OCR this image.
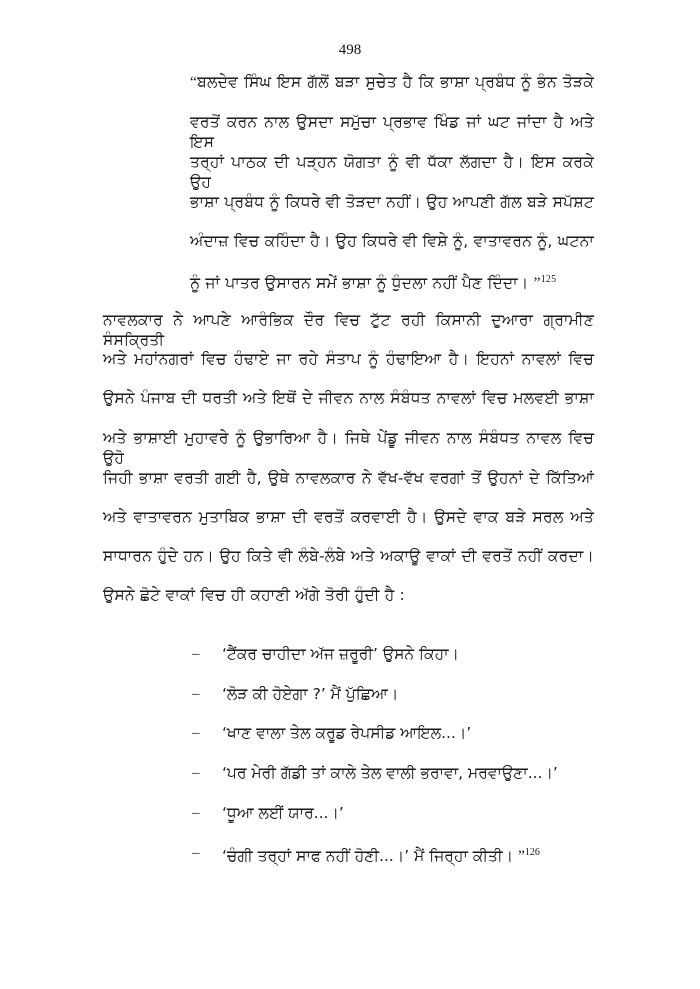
498
“ਬਲਦੇਵ ਸਿੰਘ ਇਸ ਗੱਲੋਂ ਬੜਾ ਸੁਚੇਤ ਹੈ ਕਿ ਭਾਸ਼ਾ ਪ੍ਰਬੰਧ ਨੂੰ ਭੰਨ ਤੋੜਕੇ
ਵਰਤੋਂ ਕਰਨ ਨਾਲ ਉਸਦਾ ਸਮੁੱਚਾ ਪ੍ਰਭਾਵ ਖਿੰਡ ਜਾਂ ਘਟ ਜਾਂਦਾ ਹੈ ਅਤੇ ਇਸ
ਤਰ੍ਹਾਂ ਪਾਠਕ ਦੀ ਪੜ੍ਹਨ ਯੋਗਤਾ ਨੂੰ ਵੀ ਧੱਕਾ ਲੱਗਦਾ ਹੈ। ਇਸ ਕਰਕੇ ਉਹ
ਭਾਸ਼ਾ ਪ੍ਰਬੰਧ ਨੂੰ ਕਿਧਰੇ ਵੀ ਤੋੜਦਾ ਨਹੀਂ। ਉਹ ਆਪਣੀ ਗੱਲ ਬੜੇ ਸਪੱਸ਼ਟ
ਅੰਦਾਜ਼ ਵਿਚ ਕਹਿੰਦਾ ਹੈ। ਉਹ ਕਿਧਰੇ ਵੀ ਵਿਸ਼ੇ ਨੂੰ, ਵਾਤਾਵਰਨ ਨੂੰ, ਘਟਨਾ
ਨੂੰ ਜਾਂ ਪਾਤਰ ਉਸਾਰਨ ਸਮੇਂ ਭਾਸ਼ਾ ਨੂੰ ਧੁੰਦਲਾ ਨਹੀਂ ਪੈਣ ਦਿੰਦਾ। ”$^{125}$
ਨਾਵਲਕਾਰ ਨੇ ਆਪਣੇ ਆਰੰਭਿਕ ਦੌਰ ਵਿਚ ਟੁੱਟ ਰਹੀ ਕਿਸਾਨੀ ਦੁਆਰਾ ਗ੍ਰਾਮੀਣ ਸੰਸਕ੍ਰਿਤੀ
ਅਤੇ ਮਹਾਂਨਗਰਾਂ ਵਿਚ ਹੰਢਾਏ ਜਾ ਰਹੇ ਸੰਤਾਪ ਨੂੰ ਹੰਢਾਇਆ ਹੈ। ਇਹਨਾਂ ਨਾਵਲਾਂ ਵਿਚ
ਉਸਨੇ ਪੰਜਾਬ ਦੀ ਧਰਤੀ ਅਤੇ ਇਥੋਂ ਦੇ ਜੀਵਨ ਨਾਲ ਸੰਬੰਧਤ ਨਾਵਲਾਂ ਵਿਚ ਮਲਵਈ ਭਾਸ਼ਾ
ਅਤੇ ਭਾਸ਼ਾਈ ਮੁਹਾਵਰੇ ਨੂੰ ਉਭਾਰਿਆ ਹੈ। ਜਿਥੇ ਪੇਂਡੂ ਜੀਵਨ ਨਾਲ ਸੰਬੰਧਤ ਨਾਵਲ ਵਿਚ ਉਹੋ
ਜਿਹੀ ਭਾਸ਼ਾ ਵਰਤੀ ਗਈ ਹੈ, ਉਥੇ ਨਾਵਲਕਾਰ ਨੇ ਵੱਖ-ਵੱਖ ਵਰਗਾਂ ਤੋਂ ਉਹਨਾਂ ਦੇ ਕਿੱਤਿਆਂ
ਅਤੇ ਵਾਤਾਵਰਨ ਮੁਤਾਬਿਕ ਭਾਸ਼ਾ ਦੀ ਵਰਤੋਂ ਕਰਵਾਈ ਹੈ। ਉਸਦੇ ਵਾਕ ਬੜੇ ਸਰਲ ਅਤੇ
ਸਾਧਾਰਨ ਹੁੰਦੇ ਹਨ। ਉਹ ਕਿਤੇ ਵੀ ਲੰਬੇ-ਲੰਬੇ ਅਤੇ ਅਕਾਊ ਵਾਕਾਂ ਦੀ ਵਰਤੋਂ ਨਹੀਂ ਕਰਦਾ।
ਉਸਨੇ ਛੋਟੇ ਵਾਕਾਂ ਵਿਚ ਹੀ ਕਹਾਣੀ ਅੱਗੇ ਤੋਰੀ ਹੁੰਦੀ ਹੈ :
– ‘ਟੈਂਕਰ ਚਾਹੀਦਾ ਅੱਜ ਜ਼ਰੂਰੀ’ ਉਸਨੇ ਕਿਹਾ।
– ‘ਲੋੜ ਕੀ ਹੋਏਗਾ ?’ ਮੈਂ ਪੁੱਛਿਆ।
– ‘ਖਾਣ ਵਾਲਾ ਤੇਲ ਕਰੂਡ ਰੇਪਸੀਡ ਆਇਲ...।’
– ‘ਪਰ ਮੇਰੀ ਗੱਡੀ ਤਾਂ ਕਾਲੇ ਤੇਲ ਵਾਲੀ ਭਰਾਵਾ, ਮਰਵਾਉਣਾ...।’
– ‘ਧੂਆ ਲਈਂ ਯਾਰ...।’
– ‘ਚੰਗੀ ਤਰ੍ਹਾਂ ਸਾਫ ਨਹੀਂ ਹੋਣੀ...।’ ਮੈਂ ਜਿਰ੍ਹਾ ਕੀਤੀ। ”$^{126}$
